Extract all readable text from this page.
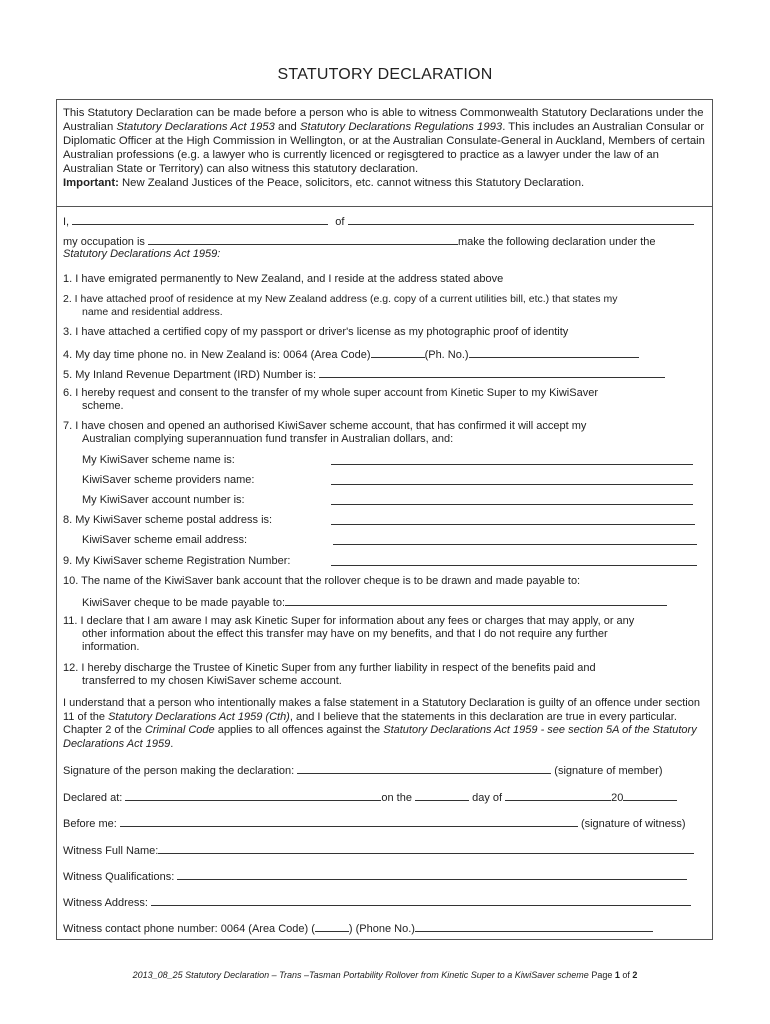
STATUTORY DECLARATION
This Statutory Declaration can be made before a person who is able to witness Commonwealth Statutory Declarations under the Australian Statutory Declarations Act 1953 and Statutory Declarations Regulations 1993. This includes an Australian Consular or Diplomatic Officer at the High Commission in Wellington, or at the Australian Consulate-General in Auckland, Members of certain Australian professions (e.g. a lawyer who is currently licenced or regisgtered to practice as a lawyer under the law of an Australian State or Territory) can also witness this statutory declaration.
Important: New Zealand Justices of the Peace, solicitors, etc. cannot witness this Statutory Declaration.
I,	of
my occupation is	make the following declaration under the
Statutory Declarations Act 1959:
1. I have emigrated permanently to New Zealand, and I reside at the address stated above
2. I have attached proof of residence at my New Zealand address (e.g. copy of a current utilities bill, etc.) that states my
name and residential address.
3. I have attached a certified copy of my passport or driver's license as my photographic proof of identity
4. My day time phone no. in New Zealand is: 0064 (Area Code)	(Ph. No.)
5. My Inland Revenue Department (IRD) Number is:
6. I hereby request and consent to the transfer of my whole super account from Kinetic Super to my KiwiSaver
scheme.
7. I have chosen and opened an authorised KiwiSaver scheme account, that has confirmed it will accept my
Australian complying superannuation fund transfer in Australian dollars, and:
My KiwiSaver scheme name is:
KiwiSaver scheme providers name:
My KiwiSaver account number is:
8. My KiwiSaver scheme postal address is:
KiwiSaver scheme email address:
9. My KiwiSaver scheme Registration Number:
10. The name of the KiwiSaver bank account that the rollover cheque is to be drawn and made payable to:
KiwiSaver cheque to be made payable to:
11. I declare that I am aware I may ask Kinetic Super for information about any fees or charges that may apply, or any
other information about the effect this transfer may have on my benefits, and that I do not require any further
information.
12. I hereby discharge the Trustee of Kinetic Super from any further liability in respect of the benefits paid and
transferred to my chosen KiwiSaver scheme account.
I understand that a person who intentionally makes a false statement in a Statutory Declaration is guilty of an offence under section 11 of the Statutory Declarations Act 1959 (Cth), and I believe that the statements in this declaration are true in every particular. Chapter 2 of the Criminal Code applies to all offences against the Statutory Declarations Act 1959 - see section 5A of the Statutory Declarations Act 1959.
Signature of the person making the declaration:	(signature of member)
Declared at:	on the	day of	20
Before me:	(signature of witness)
Witness Full Name:
Witness Qualifications:
Witness Address:
Witness contact phone number: 0064 (Area Code) (	) (Phone No.)
2013_08_25 Statutory Declaration – Trans –Tasman Portability Rollover from Kinetic Super to a KiwiSaver scheme Page 1 of 2
